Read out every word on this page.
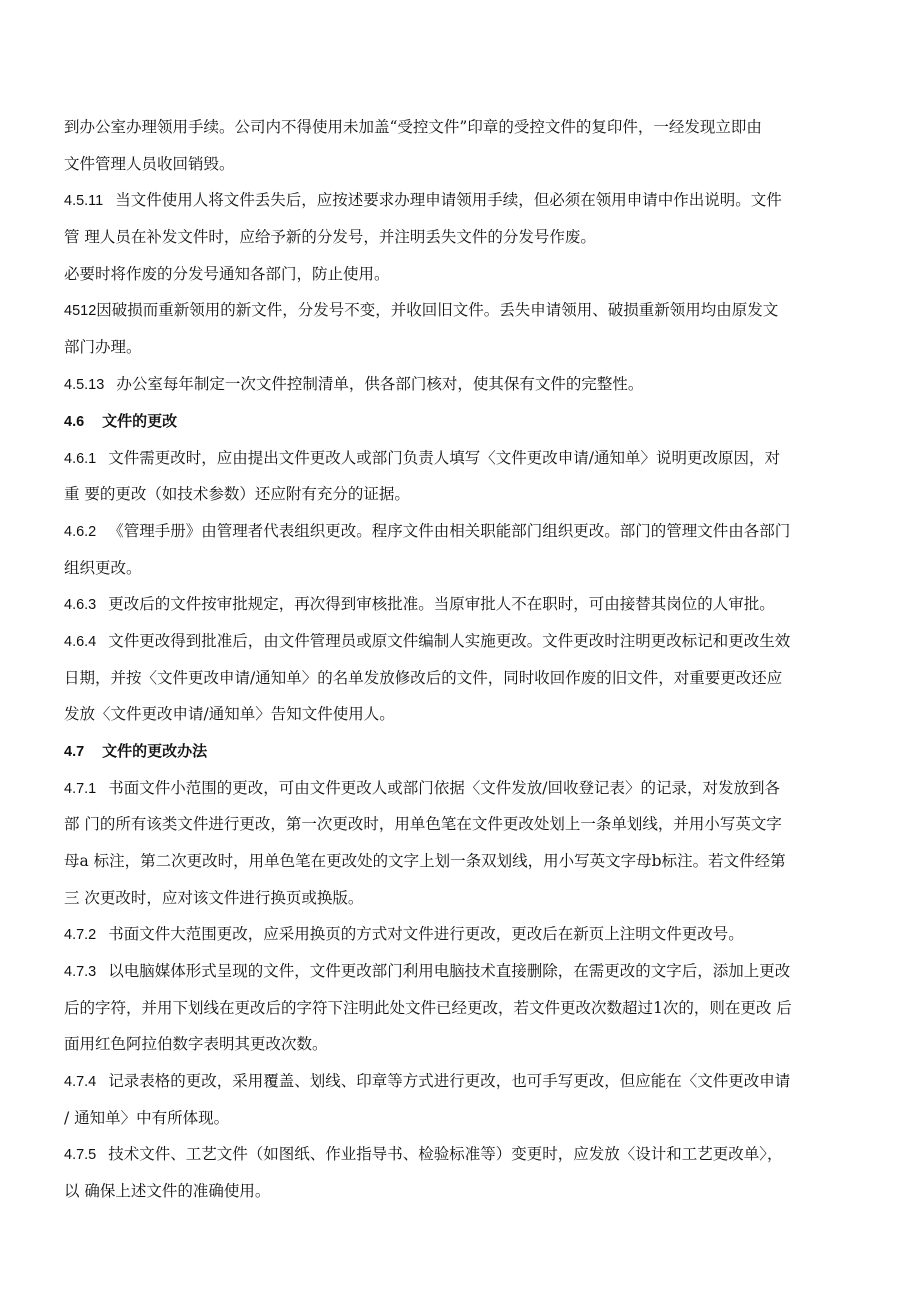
到办公室办理领用手续。公司内不得使用未加盖“受控文件”印章的受控文件的复印件，一经发现立即由
文件管理人员收回销毁。
4.5.11 当文件使用人将文件丢失后，应按述要求办理申请领用手续，但必须在领用申请中作出说明。文件
管 理人员在补发文件时，应给予新的分发号，并注明丢失文件的分发号作废。
必要时将作废的分发号通知各部门，防止使用。
4512因破损而重新领用的新文件，分发号不变，并收回旧文件。丢失申请领用、破损重新领用均由原发文
部门办理。
4.5.13 办公室每年制定一次文件控制清单，供各部门核对，使其保有文件的完整性。
4.6 文件的更改
4.6.1 文件需更改时，应由提出文件更改人或部门负责人填写〈文件更改申请/通知单〉说明更改原因，对
重 要的更改（如技术参数）还应附有充分的证据。
4.6.2 《管理手册》由管理者代表组织更改。程序文件由相关职能部门组织更改。部门的管理文件由各部门
组织更改。
4.6.3 更改后的文件按审批规定，再次得到审核批准。当原审批人不在职时，可由接替其岗位的人审批。
4.6.4 文件更改得到批准后，由文件管理员或原文件编制人实施更改。文件更改时注明更改标记和更改生效
日期，并按〈文件更改申请/通知单〉的名单发放修改后的文件，同时收回作废的旧文件，对重要更改还应
发放〈文件更改申请/通知单〉告知文件使用人。
4.7 文件的更改办法
4.7.1 书面文件小范围的更改，可由文件更改人或部门依据〈文件发放/回收登记表〉的记录，对发放到各
部 门的所有该类文件进行更改，第一次更改时，用单色笔在文件更改处划上一条单划线，并用小写英文字
母a 标注，第二次更改时，用单色笔在更改处的文字上划一条双划线，用小写英文字母b标注。若文件经第
三 次更改时，应对该文件进行换页或换版。
4.7.2 书面文件大范围更改，应采用换页的方式对文件进行更改，更改后在新页上注明文件更改号。
4.7.3 以电脑媒体形式呈现的文件，文件更改部门利用电脑技术直接删除，在需更改的文字后，添加上更改
后的字符，并用下划线在更改后的字符下注明此处文件已经更改，若文件更改次数超过1次的，则在更改 后
面用红色阿拉伯数字表明其更改次数。
4.7.4 记录表格的更改，采用覆盖、划线、印章等方式进行更改，也可手写更改，但应能在〈文件更改申请
/ 通知单〉中有所体现。
4.7.5 技术文件、工艺文件（如图纸、作业指导书、检验标准等）变更时，应发放〈设计和工艺更改单〉，
以 确保上述文件的准确使用。
